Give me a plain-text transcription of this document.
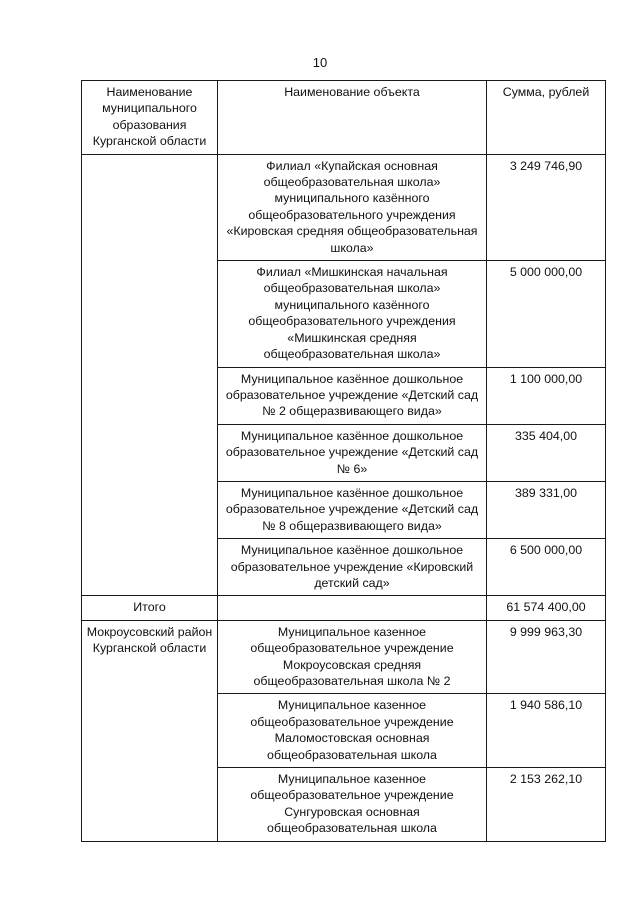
10
Наименование муниципального образования Курганской области	Наименование объекта	Сумма, рублей
	Филиал «Купайская основная общеобразовательная школа» муниципального казённого общеобразовательного учреждения «Кировская средняя общеобразовательная школа»	3 249 746,90
	Филиал «Мишкинская начальная общеобразовательная школа» муниципального казённого общеобразовательного учреждения «Мишкинская средняя общеобразовательная школа»	5 000 000,00
	Муниципальное казённое дошкольное образовательное учреждение «Детский сад № 2 общеразвивающего вида»	1 100 000,00
	Муниципальное казённое дошкольное образовательное учреждение «Детский сад № 6»	335 404,00
	Муниципальное казённое дошкольное образовательное учреждение «Детский сад № 8 общеразвивающего вида»	389 331,00
	Муниципальное казённое дошкольное образовательное учреждение «Кировский детский сад»	6 500 000,00
Итого		61 574 400,00
Мокроусовский район Курганской области	Муниципальное казенное общеобразовательное учреждение Мокроусовская средняя общеобразовательная школа № 2	9 999 963,30
	Муниципальное казенное общеобразовательное учреждение Маломостовская основная общеобразовательная школа	1 940 586,10
	Муниципальное казенное общеобразовательное учреждение Сунгуровская основная общеобразовательная школа	2 153 262,10
